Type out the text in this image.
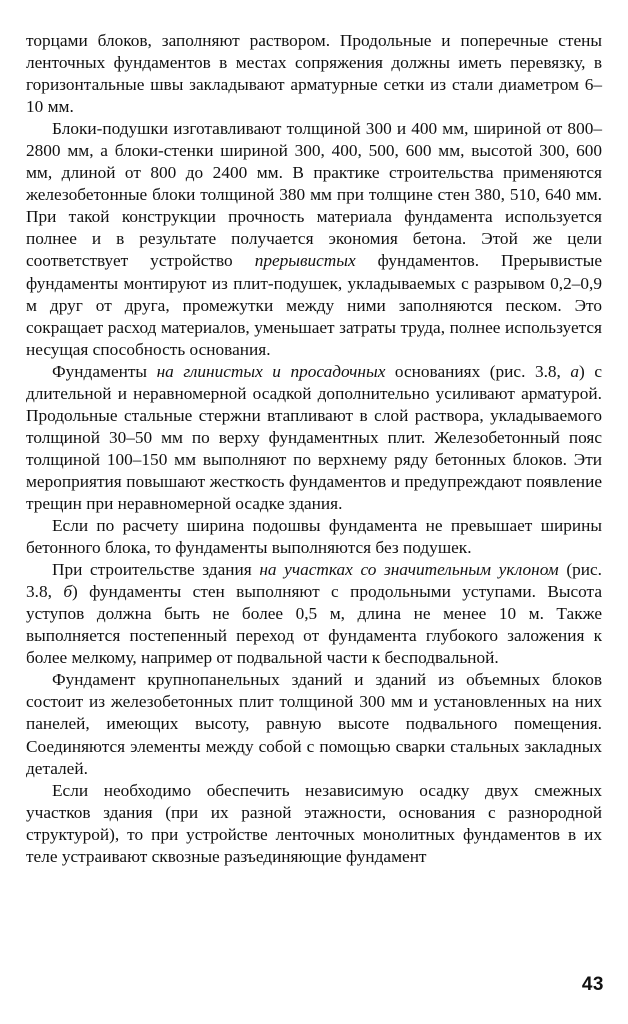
торцами блоков, заполняют раствором. Продольные и поперечные стены ленточных фундаментов в местах сопряжения должны иметь перевязку, в горизонтальные швы закладывают арматурные сетки из стали диаметром 6–10 мм.

Блоки-подушки изготавливают толщиной 300 и 400 мм, шириной от 800–2800 мм, а блоки-стенки шириной 300, 400, 500, 600 мм, высотой 300, 600 мм, длиной от 800 до 2400 мм. В практике строительства применяются железобетонные блоки толщиной 380 мм при толщине стен 380, 510, 640 мм. При такой конструкции прочность материала фундамента используется полнее и в результате получается экономия бетона. Этой же цели соответствует устройство прерывистых фундаментов. Прерывистые фундаменты монтируют из плит-подушек, укладываемых с разрывом 0,2–0,9 м друг от друга, промежутки между ними заполняются песком. Это сокращает расход материалов, уменьшает затраты труда, полнее используется несущая способность основания.

Фундаменты на глинистых и просадочных основаниях (рис. 3.8, а) с длительной и неравномерной осадкой дополнительно усиливают арматурой. Продольные стальные стержни втапливают в слой раствора, укладываемого толщиной 30–50 мм по верху фундаментных плит. Железобетонный пояс толщиной 100–150 мм выполняют по верхнему ряду бетонных блоков. Эти мероприятия повышают жесткость фундаментов и предупреждают появление трещин при неравномерной осадке здания.

Если по расчету ширина подошвы фундамента не превышает ширины бетонного блока, то фундаменты выполняются без подушек.

При строительстве здания на участках со значительным уклоном (рис. 3.8, б) фундаменты стен выполняют с продольными уступами. Высота уступов должна быть не более 0,5 м, длина не менее 10 м. Также выполняется постепенный переход от фундамента глубокого заложения к более мелкому, например от подвальной части к бесподвальной.

Фундамент крупнопанельных зданий и зданий из объемных блоков состоит из железобетонных плит толщиной 300 мм и установленных на них панелей, имеющих высоту, равную высоте подвального помещения. Соединяются элементы между собой с помощью сварки стальных закладных деталей.

Если необходимо обеспечить независимую осадку двух смежных участков здания (при их разной этажности, основания с разнородной структурой), то при устройстве ленточных монолитных фундаментов в их теле устраивают сквозные разъединяющие фундамент

43
